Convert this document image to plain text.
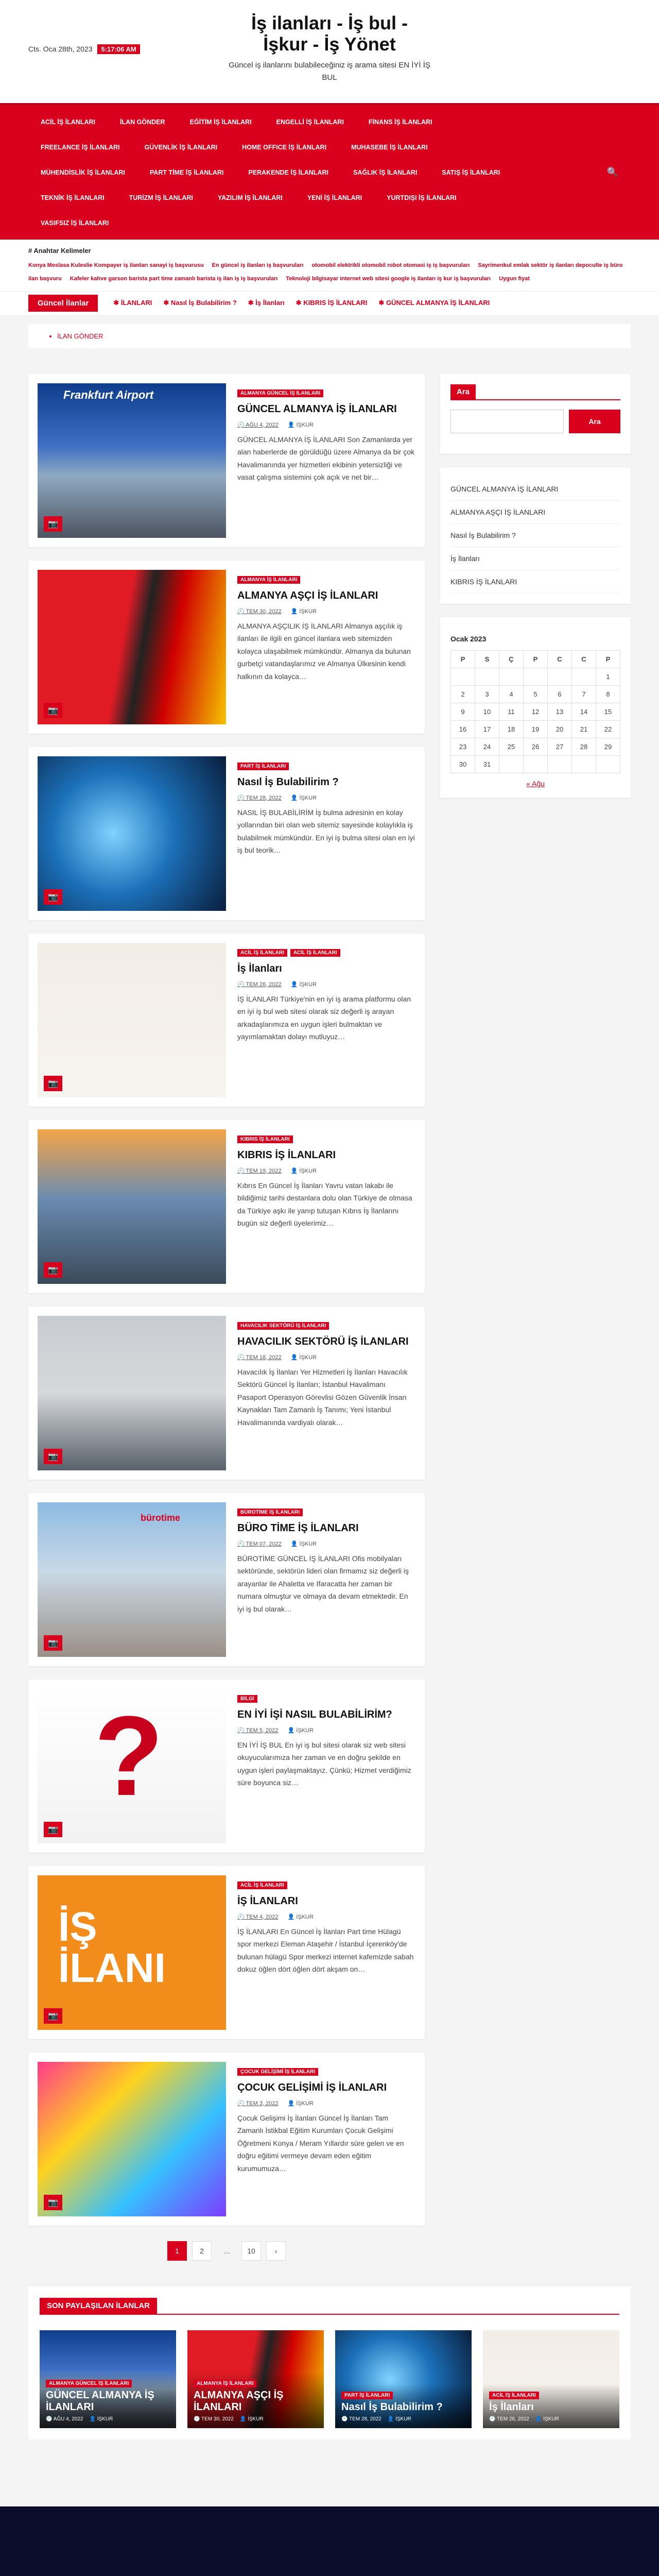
Cts. Oca 28th, 2023 5:17:06 AM
İş ilanları - İş bul - İşkur - İş Yönet

Güncel iş ilanlarını bulabileceğiniz iş arama sitesi EN İYİ İŞ BUL

ACİL İŞ İLANLARI	İLAN GÖNDER	EĞİTİM İŞ İLANLARI	ENGELLİ İŞ İLANLARI	FİNANS İŞ İLANLARI
FREELANCE İŞ İLANLARI	GÜVENLİK İŞ İLANLARI	HOME OFFICE İŞ İLANLARI	MUHASEBE İŞ İLANLARI
MÜHENDİSLİK İŞ İLANLARI	PART TİME İŞ İLANLARI	PERAKENDE İŞ İLANLARI	SAĞLIK İŞ İLANLARI	SATIŞ İŞ İLANLARI	🔍
TEKNİK İŞ İLANLARI	TURİZM İŞ İLANLARI	YAZILIM İŞ İLANLARI	YENİ İŞ İLANLARI	YURTDIŞI İŞ İLANLARI
VASIFSIZ İŞ İLANLARI
# Anahtar Kelimeler
Konya Meslasa Kuleslie Kompayer iş ilanları sanayi iş başvurusu En güncel iş ilanları iş başvuruları otomobil elektrikli otomobil robot otomasi iş iş başvuruları Sayrimenkul emlak sektör iş ilanları depoculte iş büro ilan başvuru Kafeler kahve garson barista part time zamanlı barista iş ilan iş iş başvuruları Teknoloji bilgisayar internet web sitesi google iş ilanları iş kur iş başvuruları Uygun fiyat
Güncel İlanlar	✱ İLANLARI	✱ Nasıl İş Bulabilirim ?	✱ İş İlanları	✱ KIBRIS İŞ İLANLARI	✱ GÜNCEL ALMANYA İŞ İLANLARI
• İLAN GÖNDER
Frankfurt Airport
📷
ALMANYA GÜNCEL İŞ İLANLARI
GÜNCEL ALMANYA İŞ İLANLARI
🕘 AĞU 4, 2022 👤 İŞKUR

GÜNCEL ALMANYA İŞ İLANLARI Son Zamanlarda yer alan haberlerde de görüldüğü üzere Almanya da bir çok Havalimanında yer hizmetleri ekibinin yetersizliği ve vasat çalışma sistemini çok açık ve net bir…

📷
ALMANYA İŞ İLANLARI
ALMANYA AŞÇI İŞ İLANLARI
🕘 TEM 30, 2022 👤 İŞKUR

ALMANYA AŞÇILIK İŞ İLANLARI Almanya aşçılık iş ilanları ile ilgili en güncel ilanlara web sitemizden kolayca ulaşabilmek mümkündür. Almanya da bulunan gurbetçi vatandaşlarımız ve Almanya Ülkesinin kendi halkının da kolayca…

📷
PART İŞ İLANLARI
Nasıl İş Bulabilirim ?
🕘 TEM 28, 2022 👤 İŞKUR

NASIL İŞ BULABİLİRİM İş bulma adresinin en kolay yollarından biri olan web sitemiz sayesinde kolaylıkla iş bulabilmek mümkündür. En iyi iş bulma sitesi olan en iyi iş bul teorik…

📷
ACİL İŞ İLANLARI	ACİL İŞ İLANLARI
İş İlanları
🕘 TEM 26, 2022 👤 İŞKUR

İŞ İLANLARI Türkiye'nin en iyi iş arama platformu olan en iyi iş bul web sitesi olarak siz değerli iş arayan arkadaşlarımıza en uygun işleri bulmaktan ve yayımlamaktan dolayı mutluyuz…

📷
KIBRIS İŞ İLANLARI
KIBRIS İŞ İLANLARI
🕘 TEM 19, 2022 👤 İŞKUR

Kıbrıs En Güncel İş İlanları Yavru vatan lakabı ile bildiğimiz tarihi destanlara dolu olan Türkiye de olmasa da Türkiye aşkı ile yanıp tutuşan Kıbrıs İş İlanlarını bugün siz değerli üyelerimiz…

📷
HAVACILIK SEKTÖRÜ İŞ İLANLARI
HAVACILIK SEKTÖRÜ İŞ İLANLARI
🕘 TEM 18, 2022 👤 İŞKUR

Havacılık İş İlanları Yer Hizmetleri İş İlanları Havacılık Sektörü Güncel İş İlanları; İstanbul Havalimanı Pasaport Operasyon Görevlisi Gözen Güvenlik İnsan Kaynakları Tam Zamanlı İş Tanımı; Yeni İstanbul Havalimanında vardiyalı olarak…

bürotime
📷
BÜROTİME İŞ İLANLARI
BÜRO TİME İŞ İLANLARI
🕘 TEM 07, 2022 👤 İŞKUR

BÜROTİME GÜNCEL İŞ İLANLARI Ofis mobilyaları sektöründe, sektörün lideri olan firmamız siz değerli iş arayanlar ile Ahaletta ve Ifaracatta her zaman bir numara olmuştur ve olmaya da devam etmektedir. En iyi iş bul olarak…

?
📷
BİLGİ
EN İYİ İŞİ NASIL BULABİLİRİM?
🕘 TEM 5, 2022 👤 İŞKUR

EN İYİ İŞ BUL En iyi iş bul sitesi olarak siz web sitesi okuyucularımıza her zaman ve en doğru şekilde en uygun işleri paylaşmaktayız. Çünkü; Hizmet verdiğimiz süre boyunca siz…

İŞ İLANI
📷
ACİL İŞ İLANLARI
İŞ İLANLARI
🕘 TEM 4, 2022 👤 İŞKUR

İŞ İLANLARI En Güncel İş İlanları Part time Hülagü spor merkezi Eleman Ataşehir / İstanbul İçerenköy'de bulunan hülagü Spor merkezi internet kafemizde sabah dokuz öğlen dört öğlen dört akşam on…

📷
ÇOCUK GELİŞİMİ İŞ İLANLARI
ÇOCUK GELİŞİMİ İŞ İLANLARI
🕘 TEM 3, 2022 👤 İŞKUR

Çocuk Gelişimi İş İlanları Güncel İş İlanları Tam Zamanlı İstikbal Eğitim Kurumları Çocuk Gelişimi Öğretmeni Konya / Meram Yıllardır süre gelen ve en doğru eğitimi vermeye devam eden eğitim kurumumuza…

1	2	…	10	›
Ara
Ara
GÜNCEL ALMANYA İŞ İLANLARI
ALMANYA AŞÇI İŞ İLANLARI
Nasıl İş Bulabilirim ?
İş İlanları
KIBRIS İŞ İLANLARI
Ocak 2023
P	S	Ç	P	C	C	P
						1
2	3	4	5	6	7	8
9	10	11	12	13	14	15
16	17	18	19	20	21	22
23	24	25	26	27	28	29
30	31					
« Ağu
SON PAYLAŞILAN İLANLAR
ALMANYA GÜNCEL İŞ İLANLARI
GÜNCEL ALMANYA İŞ İLANLARI
🕘 AĞU 4, 2022 👤 İŞKUR
ALMANYA İŞ İLANLARI
ALMANYA AŞÇI İŞ İLANLARI
🕘 TEM 30, 2022 👤 İŞKUR
PART İŞ İLANLARI
Nasıl İş Bulabilirim ?
🕘 TEM 28, 2022 👤 İŞKUR
ACİL İŞ İLANLARI
İş İlanları
🕘 TEM 26, 2022 👤 İŞKUR
